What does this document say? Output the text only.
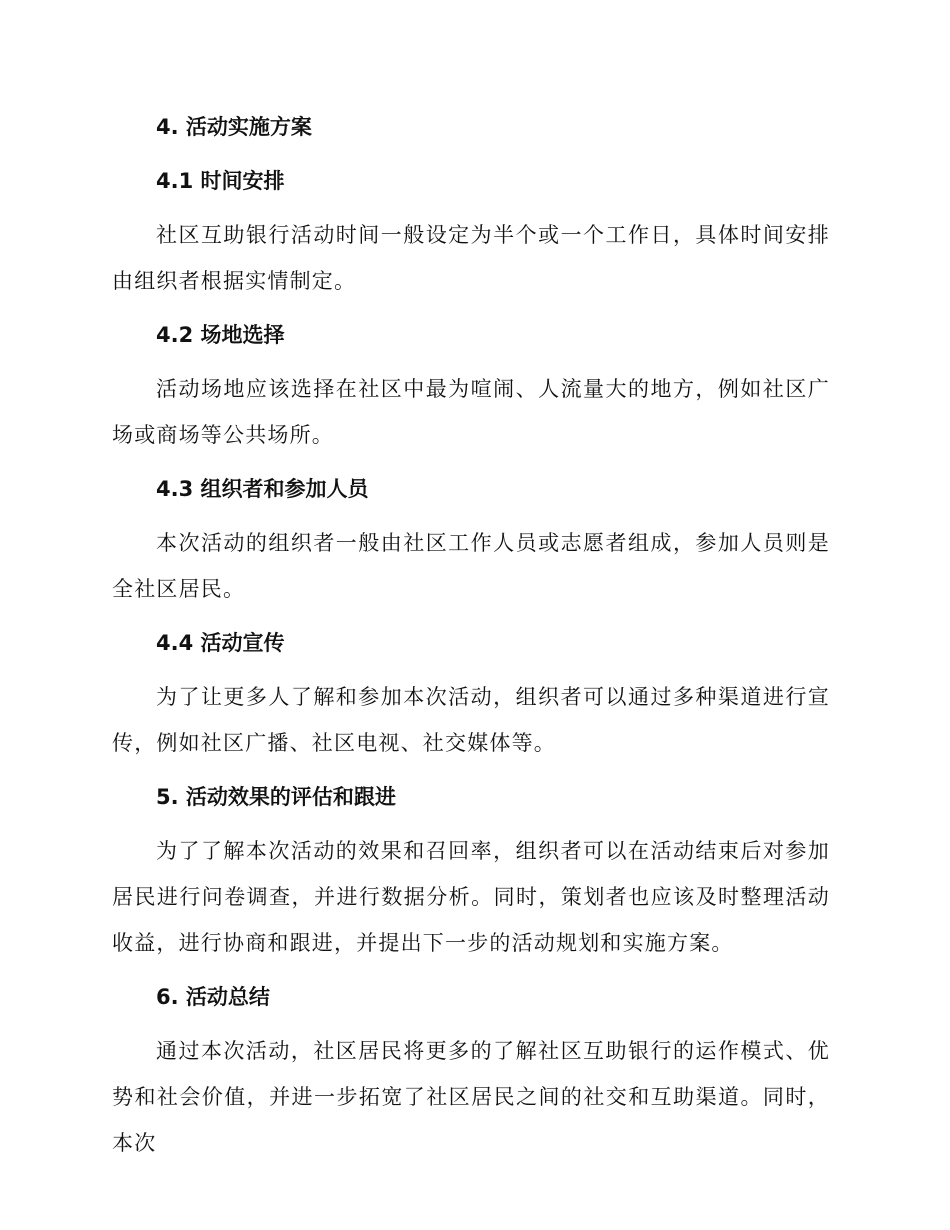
4. 活动实施方案
4.1 时间安排
社区互助银行活动时间一般设定为半个或一个工作日，具体时间安排由组织者根据实情制定。
4.2 场地选择
活动场地应该选择在社区中最为喧闹、人流量大的地方，例如社区广场或商场等公共场所。
4.3 组织者和参加人员
本次活动的组织者一般由社区工作人员或志愿者组成，参加人员则是全社区居民。
4.4 活动宣传
为了让更多人了解和参加本次活动，组织者可以通过多种渠道进行宣传，例如社区广播、社区电视、社交媒体等。
5. 活动效果的评估和跟进
为了了解本次活动的效果和召回率，组织者可以在活动结束后对参加居民进行问卷调查，并进行数据分析。同时，策划者也应该及时整理活动收益，进行协商和跟进，并提出下一步的活动规划和实施方案。
6. 活动总结
通过本次活动，社区居民将更多的了解社区互助银行的运作模式、优势和社会价值，并进一步拓宽了社区居民之间的社交和互助渠道。同时，本次
